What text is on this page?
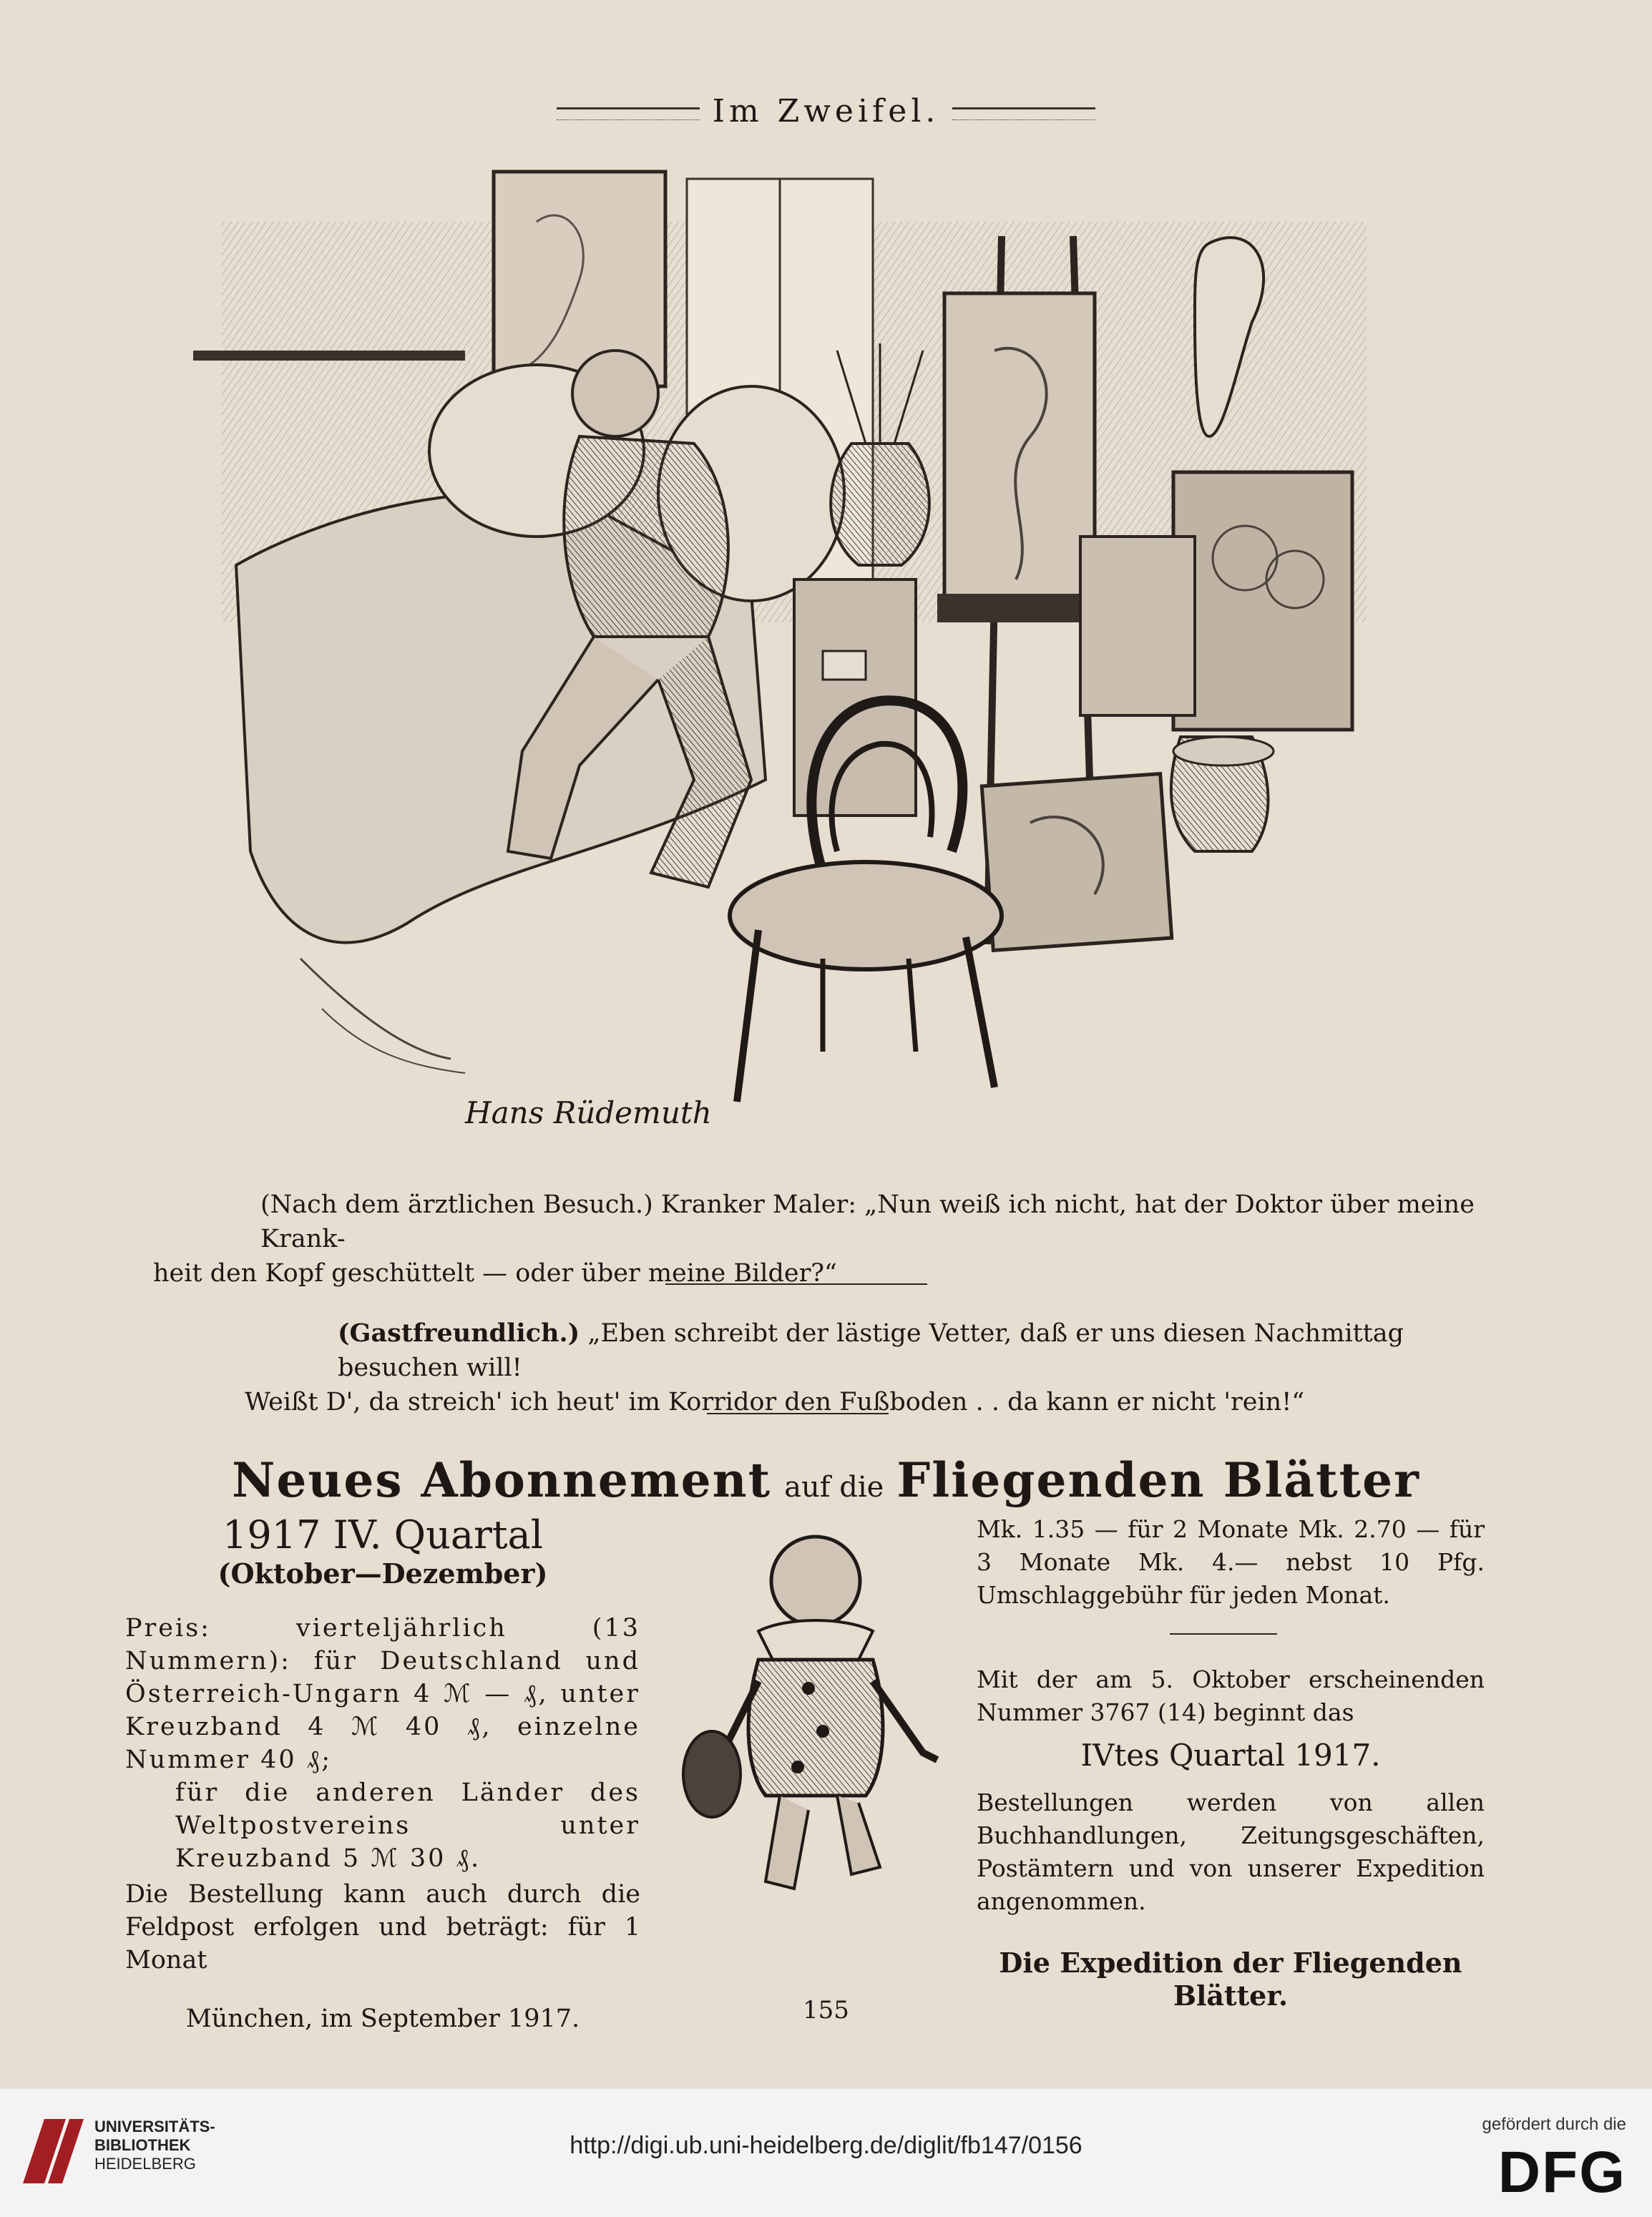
Im Zweifel.
Hans Rüdemuth
(Nach dem ärztlichen Besuch.) Kranker Maler: „Nun weiß ich nicht, hat der Doktor über meine Krank-
heit den Kopf geschüttelt — oder über meine Bilder?“
(Gastfreundlich.) „Eben schreibt der lästige Vetter, daß er uns diesen Nachmittag besuchen will!
Weißt D', da streich' ich heut' im Korridor den Fußboden . . da kann er nicht 'rein!“
Neues Abonnement auf die Fliegenden Blätter
1917 IV. Quartal
(Oktober—Dezember)
Preis: vierteljährlich (13 Nummern): für Deutschland und Österreich-Ungarn 4 ℳ — ₰, unter Kreuzband 4 ℳ 40 ₰, einzelne Nummer 40 ₰;
für die anderen Länder des Weltpostvereins unter Kreuzband 5 ℳ 30 ₰.
Die Bestellung kann auch durch die Feldpost erfolgen und beträgt: für 1 Monat
München, im September 1917.
Mk. 1.35 — für 2 Monate Mk. 2.70 — für 3 Monate Mk. 4.— nebst 10 Pfg. Umschlaggebühr für jeden Monat.
Mit der am 5. Oktober erscheinenden Nummer 3767 (14) beginnt das
IVtes Quartal 1917.
Bestellungen werden von allen Buchhandlungen, Zeitungsgeschäften, Postämtern und von unserer Expedition angenommen.
Die Expedition der Fliegenden Blätter.
155
UNIVERSITÄTS-
BIBLIOTHEK
HEIDELBERG
http://digi.ub.uni-heidelberg.de/diglit/fb147/0156
gefördert durch die
DFG
